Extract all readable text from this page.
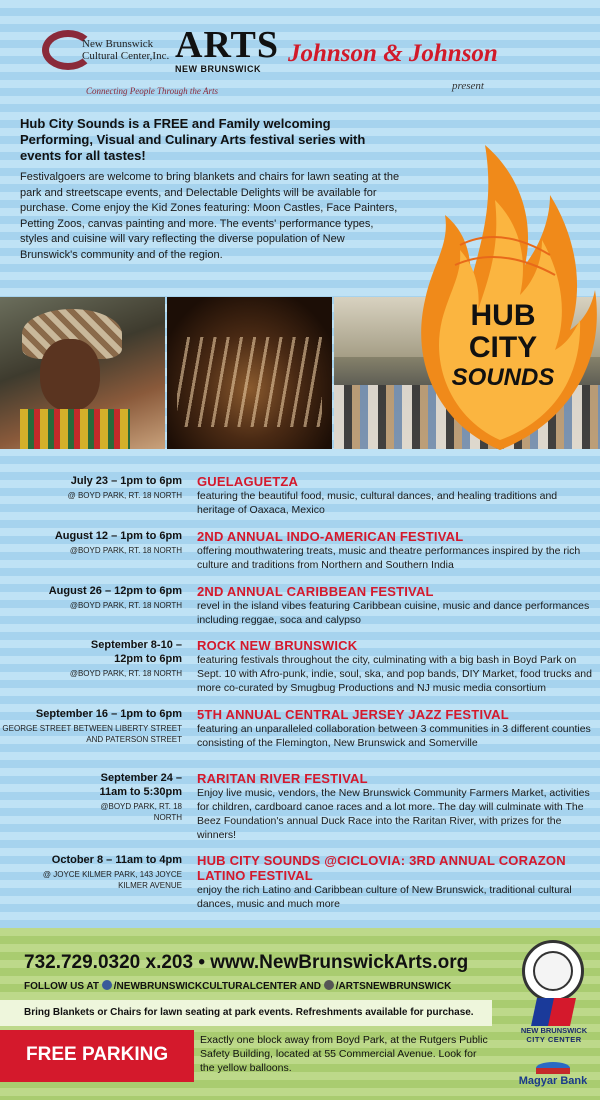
New Brunswick
Cultural Center,Inc. ARTS
NEW BRUNSWICK
Connecting People Through the Arts
Johnson & Johnson
present
Hub City Sounds is a FREE and Family welcoming Performing, Visual and Culinary Arts festival series with events for all tastes!
Festivalgoers are welcome to bring blankets and chairs for lawn seating at the park and streetscape events, and Delectable Delights will be available for purchase. Come enjoy the Kid Zones featuring: Moon Castles, Face Painters, Petting Zoos, canvas painting and more. The events' performance types, styles and cuisine will vary reflecting the diverse population of New Brunswick's community and of the region.
HUB
CITY
SOUNDS
July 23 – 1pm to 6pm
@ BOYD PARK, RT. 18 NORTH
GUELAGUETZA
featuring the beautiful food, music, cultural dances, and healing traditions and heritage of Oaxaca, Mexico
August 12 – 1pm to 6pm
@BOYD PARK, RT. 18 NORTH
2ND ANNUAL INDO-AMERICAN FESTIVAL
offering mouthwatering treats, music and theatre performances inspired by the rich culture and traditions from Northern and Southern India
August 26 – 12pm to 6pm
@BOYD PARK, RT. 18 NORTH
2ND ANNUAL CARIBBEAN FESTIVAL
revel in the island vibes featuring Caribbean cuisine, music and dance performances including reggae, soca and calypso
September 8-10 – 12pm to 6pm
@BOYD PARK, RT. 18 NORTH
ROCK NEW BRUNSWICK
featuring festivals throughout the city, culminating with a big bash in Boyd Park on Sept. 10 with Afro-punk, indie, soul, ska, and pop bands, DIY Market, food trucks and more co-curated by Smugbug Productions and NJ music media consortium
September 16 – 1pm to 6pm
GEORGE STREET BETWEEN LIBERTY STREET AND PATERSON STREET
5TH ANNUAL CENTRAL JERSEY JAZZ FESTIVAL
featuring an unparalleled collaboration between 3 communities in 3 different counties consisting of the Flemington, New Brunswick and Somerville
September 24 – 11am to 5:30pm
@BOYD PARK, RT. 18 NORTH
RARITAN RIVER FESTIVAL
Enjoy live music, vendors, the New Brunswick Community Farmers Market, activities for children, cardboard canoe races and a lot more. The day will culminate with The Beez Foundation's annual Duck Race into the Raritan River, with prizes for the winners!
October 8 – 11am to 4pm
@ JOYCE KILMER PARK, 143 JOYCE KILMER AVENUE
HUB CITY SOUNDS @CICLOVIA: 3RD ANNUAL CORAZON LATINO FESTIVAL
enjoy the rich Latino and Caribbean culture of New Brunswick, traditional cultural dances, music and much more
732.729.0320 x.203 • www.NewBrunswickArts.org
FOLLOW US AT /NEWBRUNSWICKCULTURALCENTER AND /ARTSNEWBRUNSWICK
Bring Blankets or Chairs for lawn seating at park events. Refreshments available for purchase.
FREE PARKING
Exactly one block away from Boyd Park, at the Rutgers Public Safety Building, located at 55 Commercial Avenue. Look for the yellow balloons.
NEW BRUNSWICK
CITY CENTER
Magyar Bank
